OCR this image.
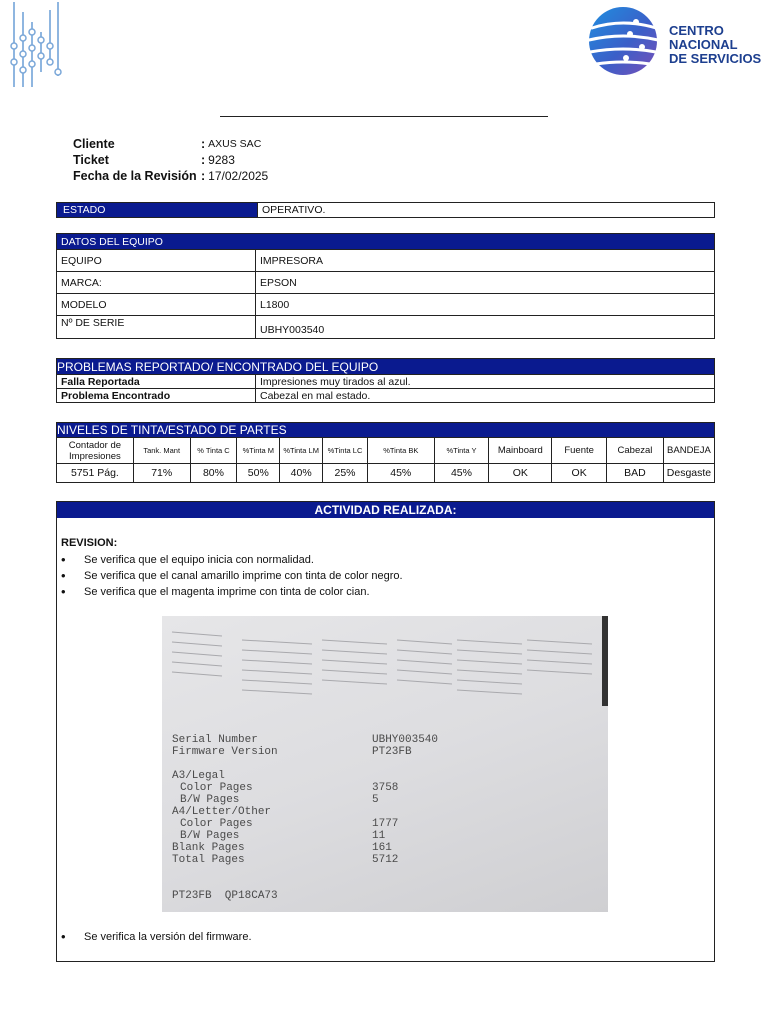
CENTRO
NACIONAL
DE SERVICIOS
Cliente	: AXUS SAC
Ticket	: 9283
Fecha de la Revisión : 17/02/2025
ESTADO	OPERATIVO.
DATOS DEL EQUIPO	
EQUIPO	IMPRESORA
MARCA:	EPSON
MODELO	L1800
Nº DE SERIE	UBHY003540
PROBLEMAS REPORTADO/ ENCONTRADO DEL EQUIPO	
Falla Reportada	Impresiones muy tirados al azul.
Problema Encontrado	Cabezal en mal estado.
NIVELES DE TINTA/ESTADO DE PARTES											
Contador de Impresiones	Tank. Mant	% Tinta C	%Tinta M	%Tinta LM	%Tinta LC	%Tinta BK	%Tinta Y	Mainboard	Fuente	Cabezal	BANDEJA
5751 Pág.	71%	80%	50%	40%	25%	45%	45%	OK	OK	BAD	Desgaste
ACTIVIDAD REALIZADA:
REVISION:
• Se verifica que el equipo inicia con normalidad.
• Se verifica que el canal amarillo imprime con tinta de color negro.
• Se verifica que el magenta imprime con tinta de color cian.
Serial Number	UBHY003540
Firmware Version	PT23FB
A3/Legal
Color Pages	3758
B/W Pages	5
A4/Letter/Other
Color Pages	1777
B/W Pages	11
Blank Pages	161
Total Pages	5712
PT23FB  QP18CA73
• Se verifica la versión del firmware.
